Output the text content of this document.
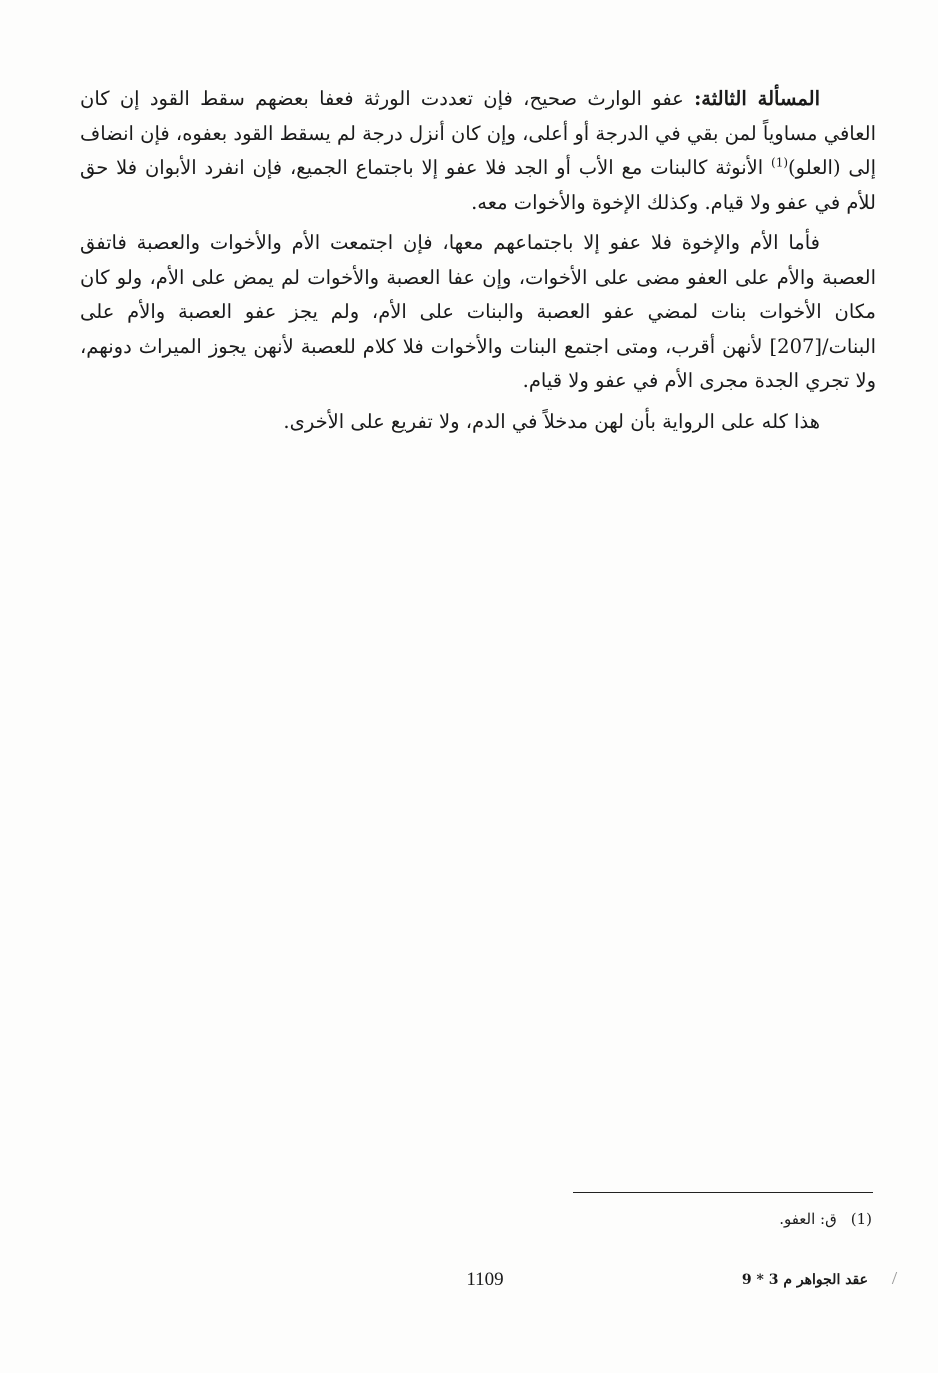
المسألة الثالثة: عفو الوارث صحيح، فإن تعددت الورثة فعفا بعضهم سقط القود إن كان العافي مساوياً لمن بقي في الدرجة أو أعلى، وإن كان أنزل درجة لم يسقط القود بعفوه، فإن انضاف إلى (العلو)$^{(1)}$ الأنوثة كالبنات مع الأب أو الجد فلا عفو إلا باجتماع الجميع، فإن انفرد الأبوان فلا حق للأم في عفو ولا قيام. وكذلك الإخوة والأخوات معه.

فأما الأم والإخوة فلا عفو إلا باجتماعهم معها، فإن اجتمعت الأم والأخوات والعصبة فاتفق العصبة والأم على العفو مضى على الأخوات، وإن عفا العصبة والأخوات لم يمض على الأم، ولو كان مكان الأخوات بنات لمضي عفو العصبة والبنات على الأم، ولم يجز عفو العصبة والأم على البنات/[207] لأنهن أقرب، ومتى اجتمع البنات والأخوات فلا كلام للعصبة لأنهن يجوز الميراث دونهم، ولا تجري الجدة مجرى الأم في عفو ولا قيام.

هذا كله على الرواية بأن لهن مدخلاً في الدم، ولا تفريع على الأخرى.

(1)ق: العفو.
1109	عقد الجواهر م 3 * 9
